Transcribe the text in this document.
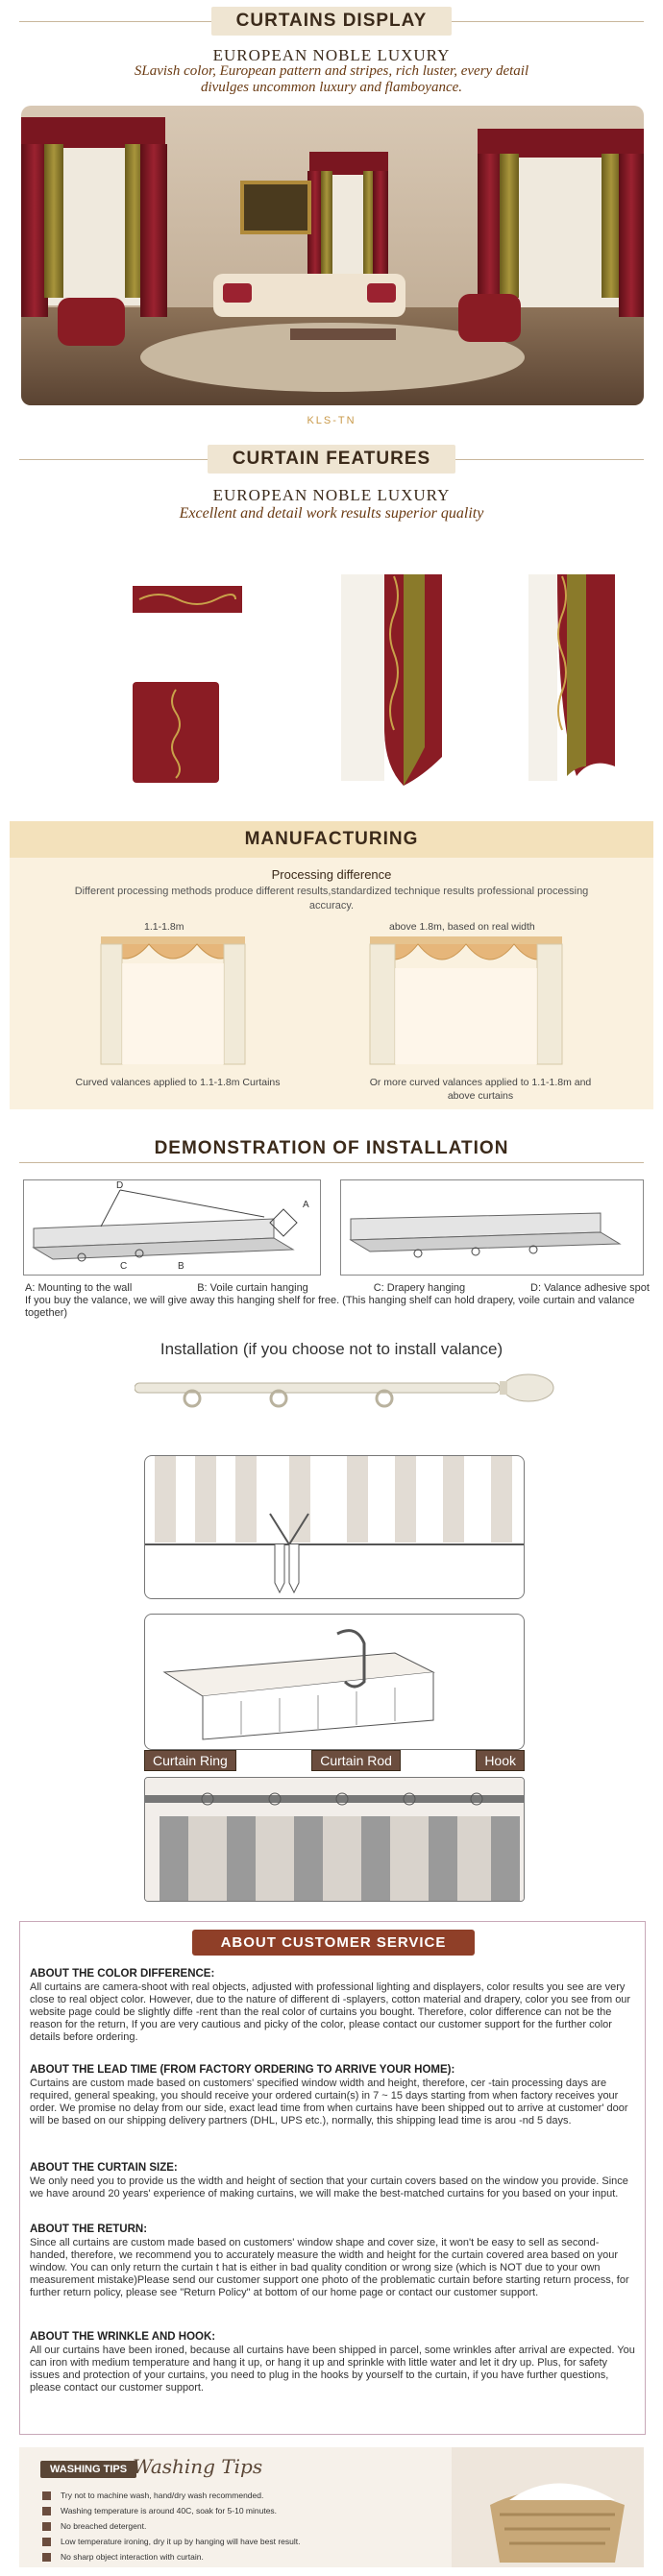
CURTAINS DISPLAY
EUROPEAN NOBLE LUXURY
SLavish color, European pattern and stripes, rich luster, every detail
divulges uncommon luxury and flamboyance.
KLS-TN
CURTAIN FEATURES
EUROPEAN NOBLE LUXURY
Excellent and detail work results superior quality
MANUFACTURING
Processing difference
Different processing methods produce different results,standardized technique results professional processing accuracy.
1.1-1.8m	above 1.8m, based on real width
Curved valances applied to 1.1-1.8m Curtains	Or more curved valances applied to 1.1-1.8m and above curtains
DEMONSTRATION OF INSTALLATION
D
A
B
C
A: Mounting to the wall	B: Voile curtain hanging	C: Drapery hanging	D: Valance adhesive spot
If you buy the valance, we will give away this hanging shelf for free. (This hanging shelf can hold drapery, voile curtain and valance together)
Installation (if you choose not to install valance)
Curtain Ring	Curtain Rod	Hook
ABOUT CUSTOMER SERVICE
ABOUT THE COLOR DIFFERENCE:

All curtains are camera-shoot with real objects, adjusted with professional lighting and displayers, color results you see are very close to real object color. However, due to the nature of different di -splayers, cotton material and drapery, color you see from our website page could be slightly diffe -rent than the real color of curtains you bought. Therefore, color difference can not be the reason for the return, If you are very cautious and picky of the color, please contact our customer support for the further color details before ordering.

ABOUT THE LEAD TIME (FROM FACTORY ORDERING TO ARRIVE YOUR HOME):

Curtains are custom made based on customers' specified window width and height, therefore, cer -tain processing days are required, general speaking, you should receive your ordered curtain(s) in 7 ~ 15 days starting from when factory receives your order. We promise no delay from our side, exact lead time from when curtains have been shipped out to arrive at customer' door will be based on our shipping delivery partners (DHL, UPS etc.), normally, this shipping lead time is arou -nd 5 days.

ABOUT THE CURTAIN SIZE:

We only need you to provide us the width and height of section that your curtain covers based on the window you provide. Since we have around 20 years' experience of making curtains, we will make the best-matched curtains for you based on your input.

ABOUT THE RETURN:

Since all curtains are custom made based on customers' window shape and cover size, it won't be easy to sell as second-handed, therefore, we recommend you to accurately measure the width and height for the curtain covered area based on your window. You can only return the curtain t hat is either in bad quality condition or wrong size (which is NOT due to your own measurement mistake)Please send our customer support one photo of the problematic curtain before starting return process, for further return policy, please see "Return Policy" at bottom of our home page or contact our customer support.

ABOUT THE WRINKLE AND HOOK:

All our curtains have been ironed, because all curtains have been shipped in parcel, some wrinkles after arrival are expected. You can iron with medium temperature and hang it up, or hang it up and sprinkle with little water and let it dry up. Plus, for safety issues and protection of your curtains, you need to plug in the hooks by yourself to the curtain, if you have further questions, please contact our customer support.

WASHING TIPS Washing Tips
Try not to machine wash, hand/dry wash recommended.
Washing temperature is around 40C, soak for 5-10 minutes.
No breached detergent.
Low temperature ironing, dry it up by hanging will have best result.
No sharp object interaction with curtain.
